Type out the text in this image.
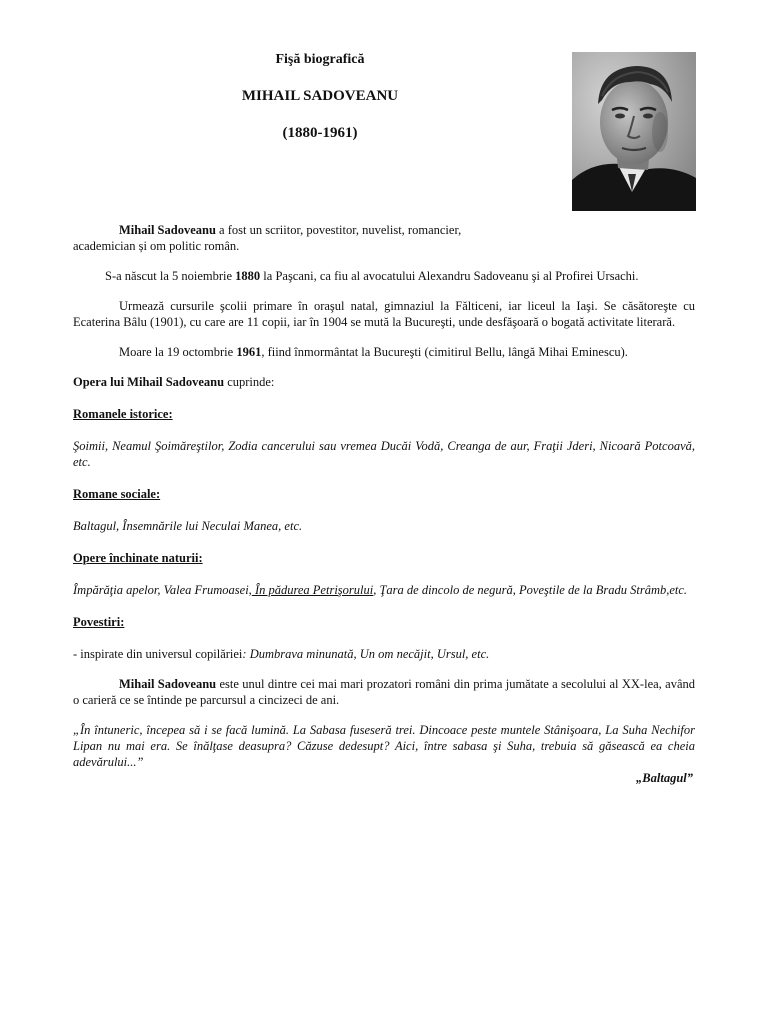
Fişă biografică

MIHAIL SADOVEANU

(1880-1961)

Mihail Sadoveanu a fost un scriitor, povestitor, nuvelist, romancier,

academician și om politic român.

S-a născut la 5 noiembrie 1880 la Paşcani, ca fiu al avocatului Alexandru Sadoveanu şi al Profirei Ursachi.

Urmează cursurile şcolii primare în oraşul natal, gimnaziul la Fălticeni, iar liceul la Iaşi. Se căsătoreşte cu Ecaterina Bâlu (1901), cu care are 11 copii, iar în 1904 se mută la Bucureşti, unde desfăşoară o bogată activitate literară.

Moare la 19 octombrie 1961, fiind înmormântat la Bucureşti (cimitirul Bellu, lângă Mihai Eminescu).

Opera lui Mihail Sadoveanu cuprinde:

Romanele istorice:

Şoimii, Neamul Şoimăreştilor, Zodia cancerului sau vremea Ducăi Vodă, Creanga de aur, Fraţii Jderi, Nicoară Potcoavă, etc.

Romane sociale:

Baltagul, Însemnările lui Neculai Manea, etc.

Opere închinate naturii:

Împărăţia apelor, Valea Frumoasei, În pădurea Petrişorului, Ţara de dincolo de negură, Poveştile de la Bradu Strâmb,etc.

Povestiri:

- inspirate din universul copilăriei: Dumbrava minunată, Un om necăjit, Ursul, etc.

Mihail Sadoveanu este unul dintre cei mai mari prozatori români din prima jumătate a secolului al XX-lea, având o carieră ce se întinde pe parcursul a cincizeci de ani.

„În întuneric, începea să i se facă lumină. La Sabasa fuseseră trei. Dincoace peste muntele Stânişoara, La Suha Nechifor Lipan nu mai era. Se înălţase deasupra? Căzuse dedesupt? Aici, între sabasa şi Suha, trebuia să găsească ea cheia adevărului...”

„Baltagul”
